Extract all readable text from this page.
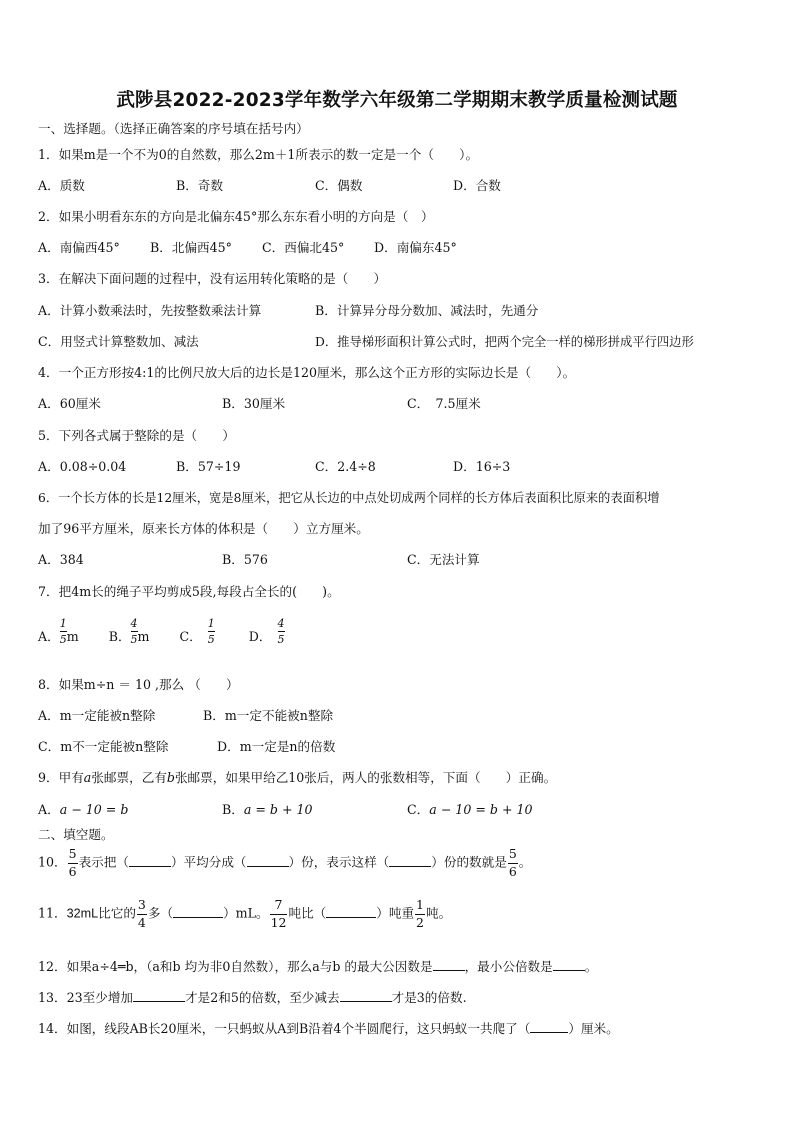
武陟县2022-2023学年数学六年级第二学期期末教学质量检测试题
一、选择题。（选择正确答案的序号填在括号内）
1．如果m是一个不为0的自然数，那么2m＋1所表示的数一定是一个（　　）。
A．质数	B．奇数	C．偶数	D．合数
2．如果小明看东东的方向是北偏东45°那么东东看小明的方向是（　）
A．南偏西45° B．北偏西45° C．西偏北45° D．南偏东45°
3．在解决下面问题的过程中，没有运用转化策略的是（　　）
A．计算小数乘法时，先按整数乘法计算	B．计算异分母分数加、减法时，先通分
C．用竖式计算整数加、减法	D．推导梯形面积计算公式时，把两个完全一样的梯形拼成平行四边形
4．一个正方形按4:1的比例尺放大后的边长是120厘米，那么这个正方形的实际边长是（　　）。
A．60厘米	B．30厘米	C．　7.5厘米
5．下列各式属于整除的是（　　）
A．0.08÷0.04	B．57÷19	C．2.4÷8	D．16÷3
6．一个长方体的长是12厘米，宽是8厘米，把它从长边的中点处切成两个同样的长方体后表面积比原来的表面积增
加了96平方厘米，原来长方体的体积是（　　）立方厘米。
A．384	B．576	C．无法计算
7．把4m长的绳子平均剪成5段,每段占全长的(　　)。
A． $\frac{1}{5}$ m B． $\frac{4}{5}$ m C． $\frac{1}{5}$	D． $\frac{4}{5}$
8．如果m÷n ＝ 10 ,那么 （　　）
A．m一定能被n整除	B．m一定不能被n整除
C．m不一定能被n整除	D．m一定是n的倍数
9．甲有a张邮票，乙有b张邮票，如果甲给乙10张后，两人的张数相等，下面（　　）正确。
A．a − 10 = b	B．a = b + 10	C．a − 10 = b + 10
二、填空题。
10． $\frac{5}{6}$ 表示把（	）平均分成（	）份，表示这样（	）份的数就是 $\frac{5}{6}$ 。
11．32mL比它的 $\frac{3}{4}$ 多（	）mL。 $\frac{7}{12}$ 吨比（	）吨重 $\frac{1}{2}$ 吨。
12．如果a÷4═b，（a和b 均为非0自然数），那么a与b 的最大公因数是	，最小公倍数是	。
13．23至少增加	才是2和5的倍数，至少减去	才是3的倍数.
14．如图，线段AB长20厘米，一只蚂蚁从A到B沿着4个半圆爬行，这只蚂蚁一共爬了（	）厘米。
